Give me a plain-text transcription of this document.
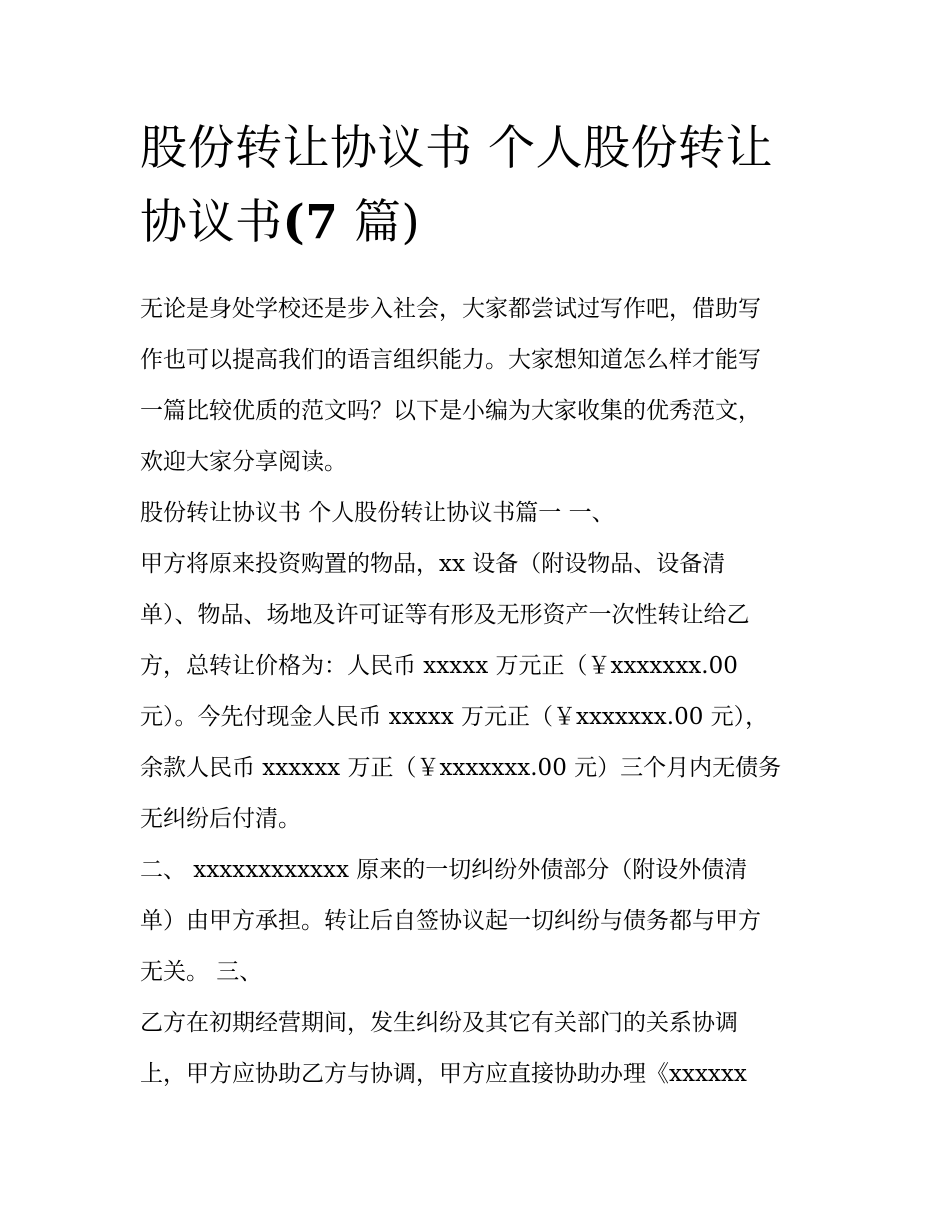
股份转让协议书 个人股份转让
协议书(7 篇)
无论是身处学校还是步入社会，大家都尝试过写作吧，借助写
作也可以提高我们的语言组织能力。大家想知道怎么样才能写
一篇比较优质的范文吗？以下是小编为大家收集的优秀范文，
欢迎大家分享阅读。
股份转让协议书 个人股份转让协议书篇一 一、
甲方将原来投资购置的物品，xx 设备（附设物品、设备清
单）、物品、场地及许可证等有形及无形资产一次性转让给乙
方，总转让价格为：人民币 xxxxx 万元正（￥xxxxxxx.00
元）。今先付现金人民币 xxxxx 万元正（￥xxxxxxx.00 元），
余款人民币 xxxxxx 万正（￥xxxxxxx.00 元）三个月内无债务
无纠纷后付清。
二、 xxxxxxxxxxxx 原来的一切纠纷外债部分（附设外债清
单）由甲方承担。转让后自签协议起一切纠纷与债务都与甲方
无关。 三、
乙方在初期经营期间，发生纠纷及其它有关部门的关系协调
上，甲方应协助乙方与协调，甲方应直接协助办理《xxxxxx
